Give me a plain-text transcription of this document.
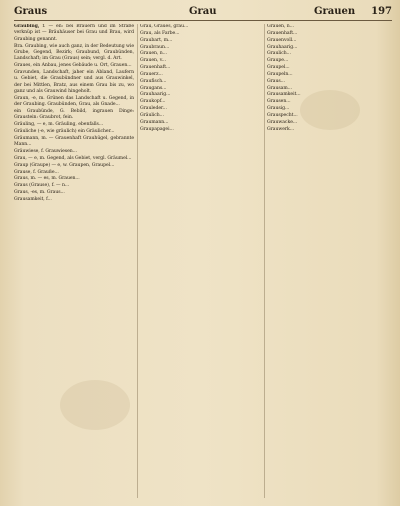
Graus	Grau	Grauen 197

Graubing, f. — en: bei Brauern und im Straße verknüp ist — Bräuhäuser bei Grau und Brau, wird Graubing genannt.

Bra. Graubing, wie auch ganz, in der Bedeutung wie Grube, Gegend, Bezirk; Graubund, Graubünden, Landschaft; im Grau (Graus) sein; vergl. d. Art.

Graues, ein Anbau, jenes Gebäude u. Ort, Grauen...

Gravunden, Landschaft, jaher ein Abland, Laufern u. Gebiet, die Graubündner und aus Grauwinkel, der bei Mittlen, Bratz, aus einem Grau bis zu, wo ganz und als Grauwind hingeholt.

Graun, -e, m. Grünen das Landschaft u. Gegend, in der Graubing. Graubünden, Grau, als Gnade...

ein Graubünde, G. Bebild, ingrauen Dinge: Graustein: Graubrot, fein.

Gräuling, — e, m. Gräuling, ebenfalls...

Gräuliche (-e, wie gräulich) ein Gräulicher...

Gräumann, m. — Grauenhaft Grauhügel, gebrannte Mann...

Gräuwiese, f. Grauwiesen...

Grau, — e, m. Gegend, als Gebiet, vergl. Gräumel...

Graup (Graupe) — e, w. Graupen, Graupel...

Grause, f. Grauße...

Graus, m. — es, m. Grauen...

Graus (Grause), f. — n...

Graus, -es, m. Graus...

Grausamkeit, f...

Grau, Graues, grau...

Grau, als Farbe...

Graubart, m...

Graubraun...

Grauen, n...

Grauen, v...

Grauenhaft...

Grauerz...

Graufisch...

Graugans...

Grauhaarig...

Graukopf...

Grauleder...

Gräulich...

Graumann...

Graupapagei...

Grauen, n...

Grauenhaft...

Grauenvoll...

Grauhaarig...

Graulich...

Graupe...

Graupel...

Graupeln...

Graus...

Grausam...

Grausamkeit...

Grausen...

Grausig...

Grauspecht...

Grauwacke...

Grauwerk...
